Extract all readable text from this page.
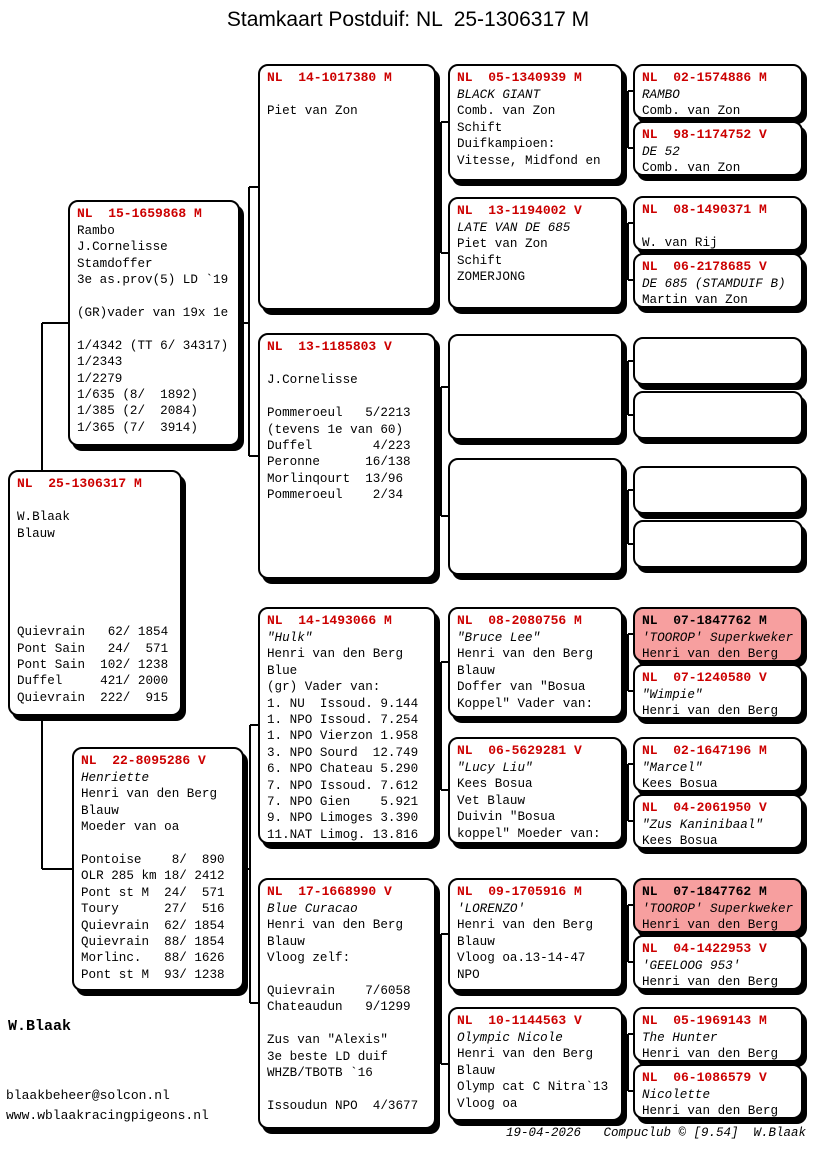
Stamkaart Postduif: NL  25-1306317 M
NL  25-1306317 M

W.Blaak
Blauw

Quievrain   62/ 1854
Pont Sain   24/  571
Pont Sain  102/ 1238
Duffel     421/ 2000
Quievrain  222/  915
NL  15-1659868 M
Rambo
J.Cornelisse
Stamdoffer
3e as.prov(5) LD `19

(GR)vader van 19x 1e

1/4342 (TT 6/ 34317)
1/2343
1/2279
1/635 (8/  1892)
1/385 (2/  2084)
1/365 (7/  3914)
NL  22-8095286 V
Henriette
Henri van den Berg
Blauw
Moeder van oa

Pontoise    8/  890
OLR 285 km 18/ 2412
Pont st M  24/  571
Toury      27/  516
Quievrain  62/ 1854
Quievrain  88/ 1854
Morlinc.   88/ 1626
Pont st M  93/ 1238
NL  14-1017380 M

Piet van Zon
NL  13-1185803 V

J.Cornelisse

Pommeroeul   5/2213
(tevens 1e van 60)
Duffel        4/223
Peronne      16/138
Morlinqourt  13/96
Pommeroeul    2/34
NL  14-1493066 M
"Hulk"
Henri van den Berg
Blue
(gr) Vader van:
1. NU  Issoud. 9.144
1. NPO Issoud. 7.254
1. NPO Vierzon 1.958
3. NPO Sourd  12.749
6. NPO Chateau 5.290
7. NPO Issoud. 7.612
7. NPO Gien    5.921
9. NPO Limoges 3.390
11.NAT Limog. 13.816
NL  17-1668990 V
Blue Curacao
Henri van den Berg
Blauw
Vloog zelf:

Quievrain    7/6058
Chateaudun   9/1299

Zus van "Alexis"
3e beste LD duif
WHZB/TBOTB `16

Issoudun NPO  4/3677
NL  05-1340939 M
BLACK GIANT
Comb. van Zon
Schift
Duifkampioen:
Vitesse, Midfond en
NL  13-1194002 V
LATE VAN DE 685
Piet van Zon
Schift
ZOMERJONG
NL  08-2080756 M
"Bruce Lee"
Henri van den Berg
Blauw
Doffer van "Bosua
Koppel" Vader van:
NL  06-5629281 V
"Lucy Liu"
Kees Bosua
Vet Blauw
Duivin "Bosua
koppel" Moeder van:
NL  09-1705916 M
'LORENZO'
Henri van den Berg
Blauw
Vloog oa.13-14-47
NPO
NL  10-1144563 V
Olympic Nicole
Henri van den Berg
Blauw
Olymp cat C Nitra`13
Vloog oa
NL  02-1574886 M
RAMBO
Comb. van Zon
NL  98-1174752 V
DE 52
Comb. van Zon
NL  08-1490371 M

W. van Rij
NL  06-2178685 V
DE 685 (STAMDUIF B)
Martin van Zon
NL  07-1847762 M
'TOOROP' Superkweker
Henri van den Berg
NL  07-1240580 V
"Wimpie"
Henri van den Berg
NL  02-1647196 M
"Marcel"
Kees Bosua
NL  04-2061950 V
"Zus Kaninibaal"
Kees Bosua
NL  07-1847762 M
'TOOROP' Superkweker
Henri van den Berg
NL  04-1422953 V
'GEELOOG 953'
Henri van den Berg
NL  05-1969143 M
The Hunter
Henri van den Berg
NL  06-1086579 V
Nicolette
Henri van den Berg
W.Blaak
blaakbeheer@solcon.nl
www.wblaakracingpigeons.nl
19-04-2026   Compuclub © [9.54]  W.Blaak
